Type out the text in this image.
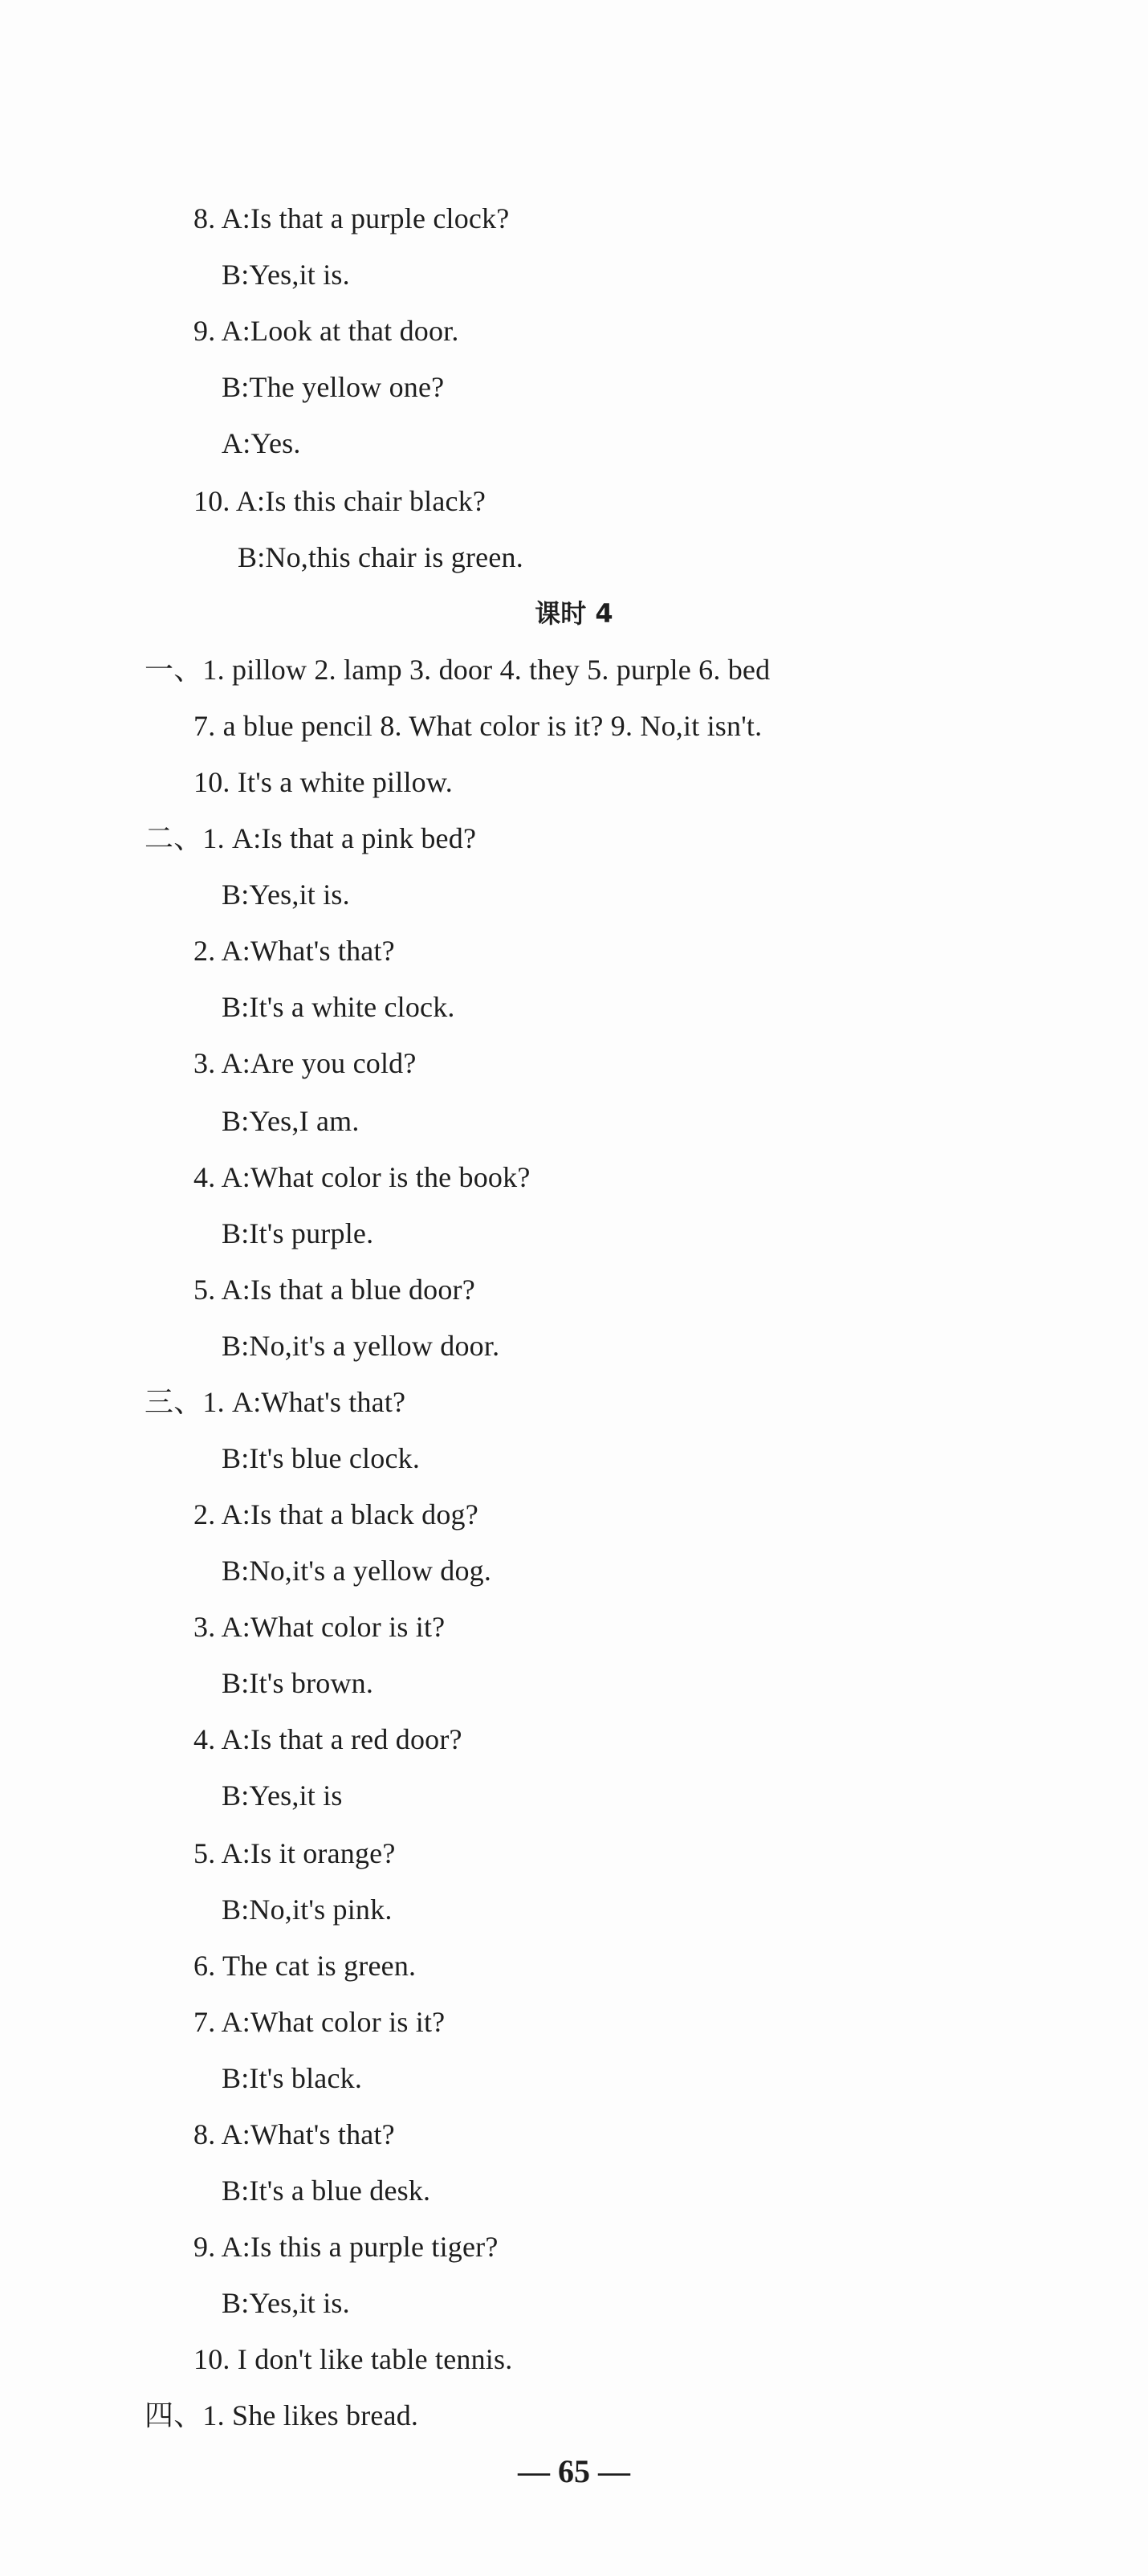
8. A:Is that a purple clock?
B:Yes,it is.
9. A:Look at that door.
B:The yellow one?
A:Yes.
10. A:Is this chair black?
B:No,this chair is green.
课时 4
一、1. pillow 2. lamp 3. door 4. they 5. purple 6. bed
7. a blue pencil 8. What color is it? 9. No,it isn't.
10. It's a white pillow.
二、1. A:Is that a pink bed?
B:Yes,it is.
2. A:What's that?
B:It's a white clock.
3. A:Are you cold?
B:Yes,I am.
4. A:What color is the book?
B:It's purple.
5. A:Is that a blue door?
B:No,it's a yellow door.
三、1. A:What's that?
B:It's blue clock.
2. A:Is that a black dog?
B:No,it's a yellow dog.
3. A:What color is it?
B:It's brown.
4. A:Is that a red door?
B:Yes,it is
5. A:Is it orange?
B:No,it's pink.
6. The cat is green.
7. A:What color is it?
B:It's black.
8. A:What's that?
B:It's a blue desk.
9. A:Is this a purple tiger?
B:Yes,it is.
10. I don't like table tennis.
四、1. She likes bread.
— 65 —
